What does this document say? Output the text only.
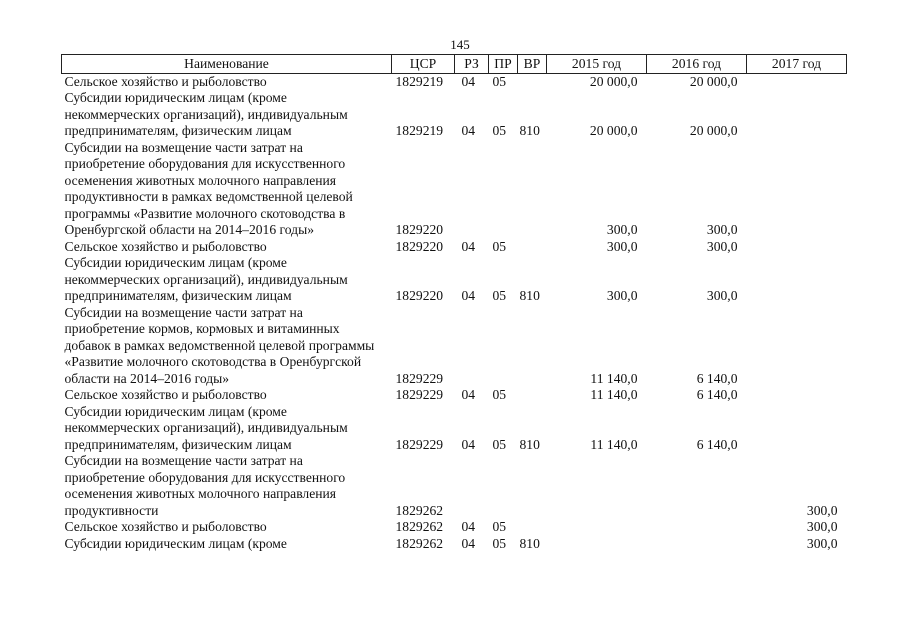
145
Наименование	ЦСР	РЗ	ПР	ВР	2015 год	2016 год	2017 год
Сельское хозяйство и рыболовство	1829219	04	05		20 000,0	20 000,0	
Субсидии юридическим лицам (кроме некоммерческих организаций), индивидуальным предпринимателям, физическим лицам	1829219	04	05	810	20 000,0	20 000,0	
Субсидии на возмещение части затрат на приобретение оборудования для искусственного осеменения животных молочного направления продуктивности в рамках ведомственной целевой программы «Развитие молочного скотоводства в Оренбургской области на 2014–2016 годы»	1829220				300,0	300,0	
Сельское хозяйство и рыболовство	1829220	04	05		300,0	300,0	
Субсидии юридическим лицам (кроме некоммерческих организаций), индивидуальным предпринимателям, физическим лицам	1829220	04	05	810	300,0	300,0	
Субсидии на возмещение части затрат на приобретение кормов, кормовых и витаминных добавок в рамках ведомственной целевой программы «Развитие молочного скотоводства в Оренбургской области на 2014–2016 годы»	1829229				11 140,0	6 140,0	
Сельское хозяйство и рыболовство	1829229	04	05		11 140,0	6 140,0	
Субсидии юридическим лицам (кроме некоммерческих организаций), индивидуальным предпринимателям, физическим лицам	1829229	04	05	810	11 140,0	6 140,0	
Субсидии на возмещение части затрат на приобретение оборудования для искусственного осеменения животных молочного направления продуктивности	1829262						300,0
Сельское хозяйство и рыболовство	1829262	04	05				300,0
Субсидии юридическим лицам (кроме	1829262	04	05	810			300,0
